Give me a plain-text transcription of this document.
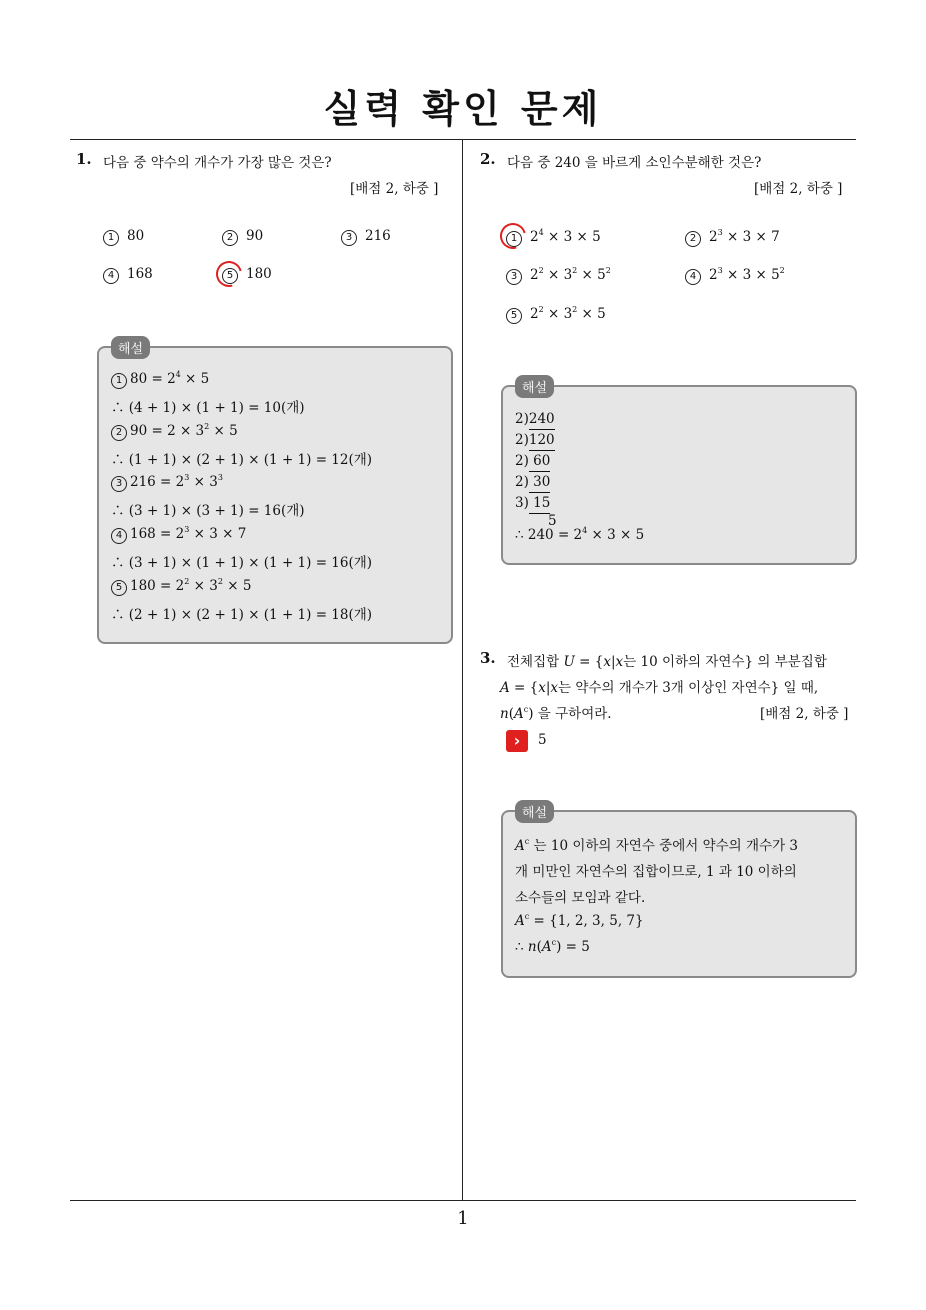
실력 확인 문제
1. 다음 중 약수의 개수가 가장 많은 것은?
[배점 2, 하중 ]
1 80	2 90	3 216
4 168	5 180
해설
1 $80 = 2^4 \times 5$
∴ (4 + 1) × (1 + 1) = 10(개)
2 $90 = 2 \times 3^2 \times 5$
∴ (1 + 1) × (2 + 1) × (1 + 1) = 12(개)
3 $216 = 2^3 \times 3^3$
∴ (3 + 1) × (3 + 1) = 16(개)
4 $168 = 2^3 \times 3 \times 7$
∴ (3 + 1) × (1 + 1) × (1 + 1) = 16(개)
5 $180 = 2^2 \times 3^2 \times 5$
∴ (2 + 1) × (2 + 1) × (1 + 1) = 18(개)
2. 다음 중 240 을 바르게 소인수분해한 것은?
[배점 2, 하중 ]
1 $2^4 \times 3 \times 5$	2 $2^3 \times 3 \times 7$
3 $2^2 \times 3^2 \times 5^2$
4 $2^3 \times 3 \times 5^2$
5 $2^2 \times 3^2 \times 5$
해설
2)240
2)120
2) 60
2) 30
3) 15
5
∴ $240 = 2^4 \times 3 \times 5$
3. 전체집합 U = {x|x는 10 이하의 자연수} 의 부분집합
A = {x|x는 약수의 개수가 3개 이상인 자연수} 일 때,
$n(A^c)$ 을 구하여라.	[배점 2, 하중 ]
›	5
해설
$A^c$ 는 10 이하의 자연수 중에서 약수의 개수가 3
개 미만인 자연수의 집합이므로, 1 과 10 이하의
소수들의 모임과 같다.
$A^c = \{1$, 2, 3, 5, 7}
∴ $n(A^c) = 5$
1
